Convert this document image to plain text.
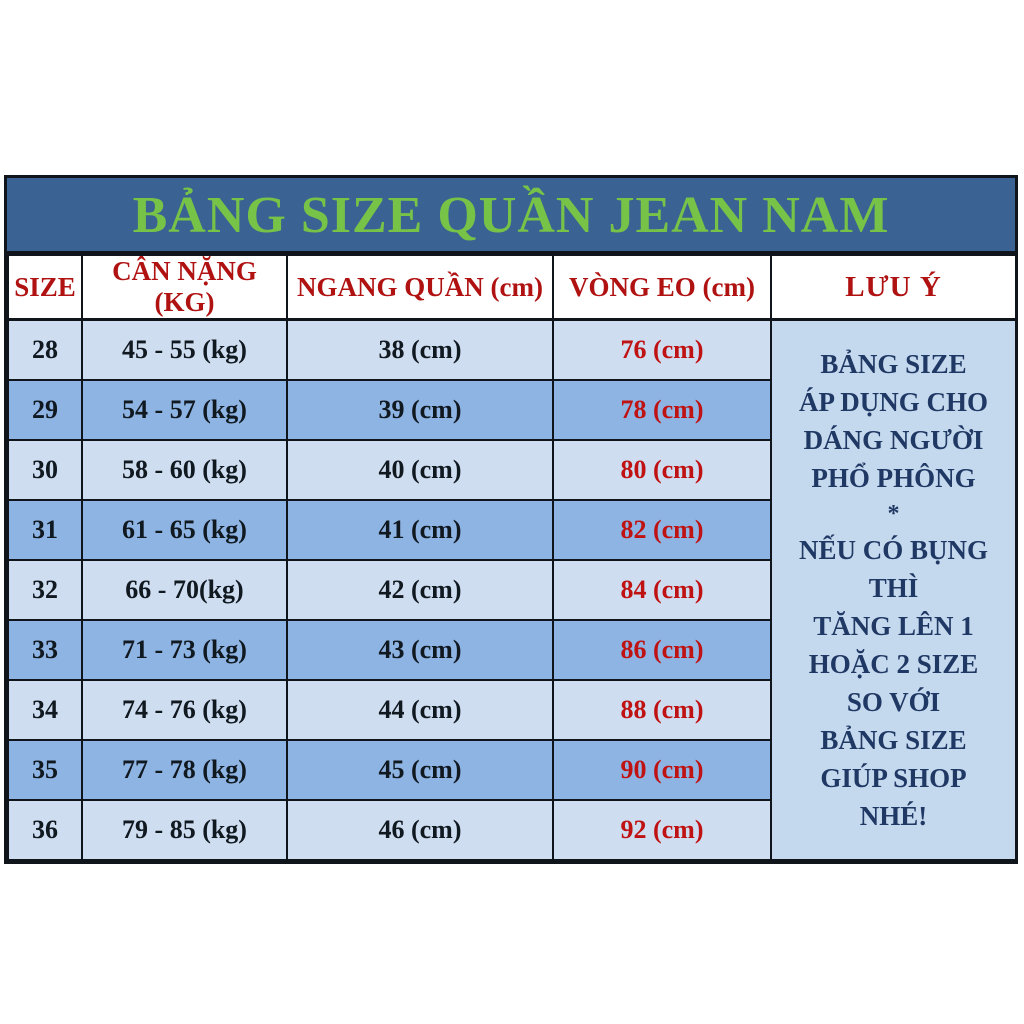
BẢNG SIZE QUẦN JEAN NAM
SIZE	CÂN NẶNG (KG)	NGANG QUẦN (cm)	VÒNG EO (cm)	LƯU Ý
28	45 - 55 (kg)	38 (cm)	76 (cm)	BẢNG SIZE
ÁP DỤNG CHO
DÁNG NGƯỜI
PHỔ PHÔNG
*
NẾU CÓ BỤNG
THÌ
TĂNG LÊN 1
HOẶC 2 SIZE
SO VỚI
BẢNG SIZE
GIÚP SHOP
NHÉ!

29	54 - 57 (kg)	39 (cm)	78 (cm)	
30	58 - 60 (kg)	40 (cm)	80 (cm)	
31	61 - 65 (kg)	41 (cm)	82 (cm)	
32	66 - 70(kg)	42 (cm)	84 (cm)	
33	71 - 73 (kg)	43 (cm)	86 (cm)	
34	74 - 76 (kg)	44 (cm)	88 (cm)	
35	77 - 78 (kg)	45 (cm)	90 (cm)	
36	79 - 85 (kg)	46 (cm)	92 (cm)	
